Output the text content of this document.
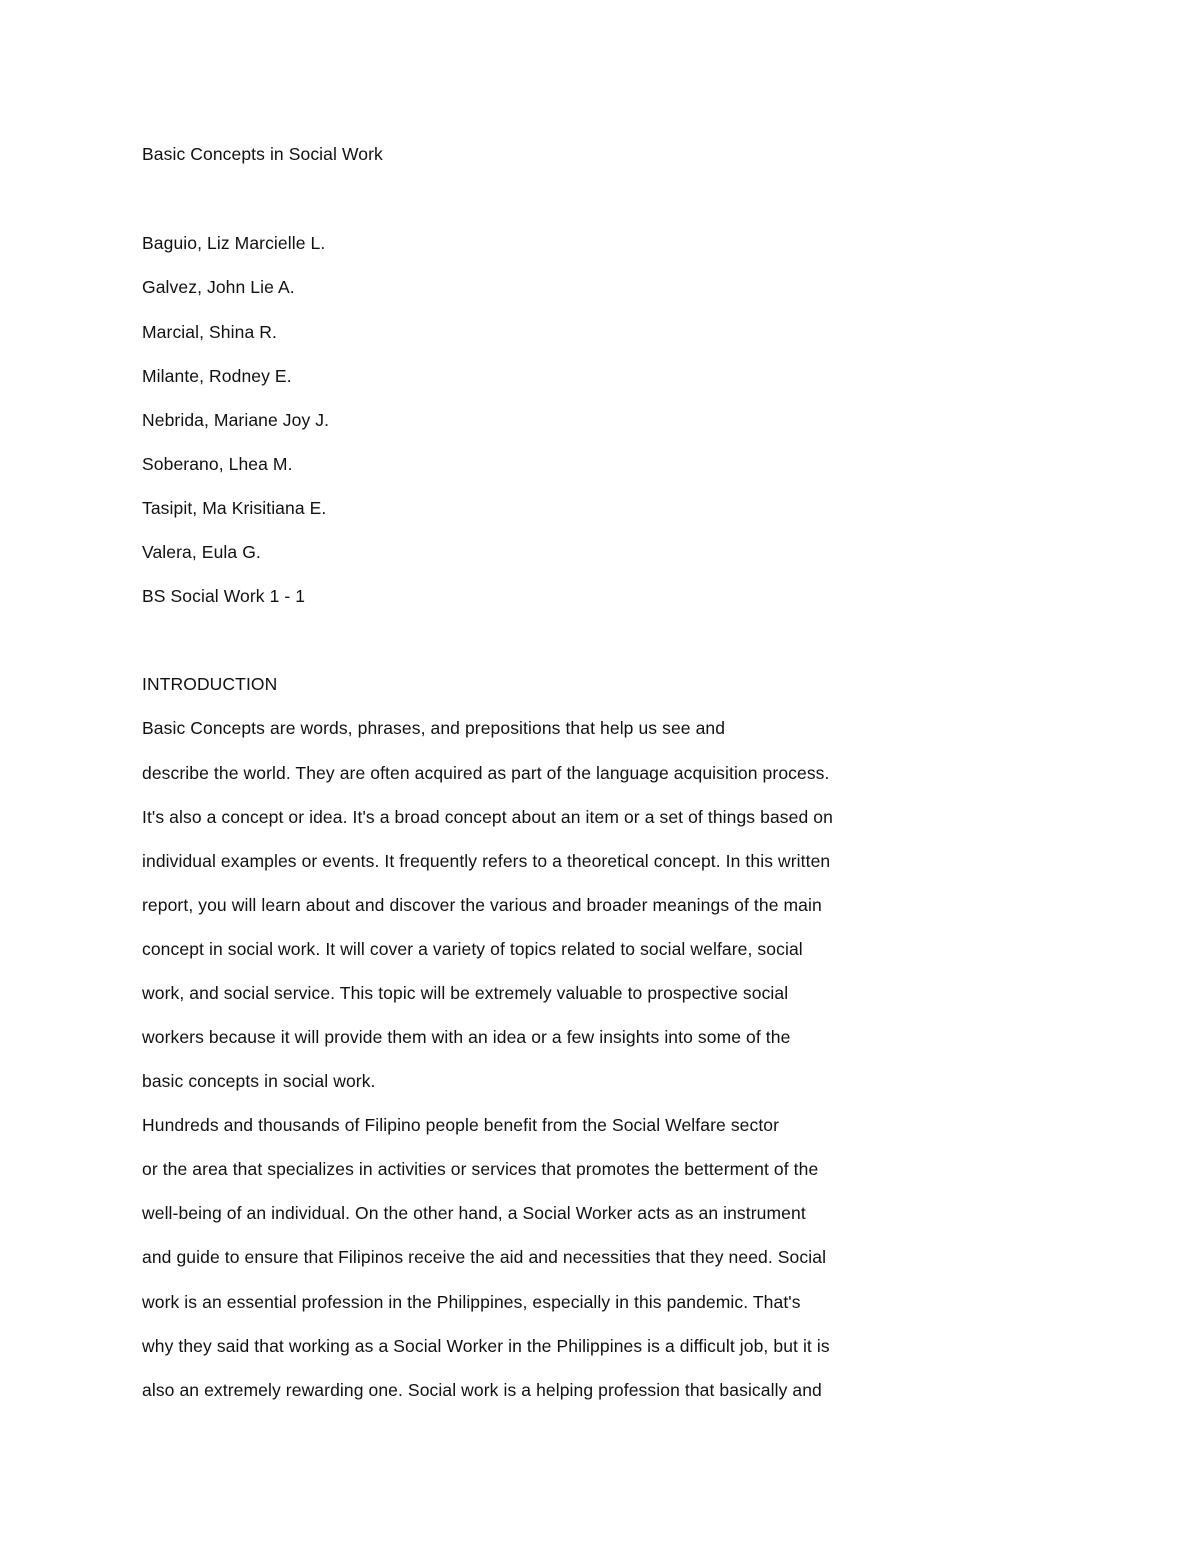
Basic Concepts in Social Work
Baguio, Liz Marcielle L.
Galvez, John Lie A.
Marcial, Shina R.
Milante, Rodney E.
Nebrida, Mariane Joy J.
Soberano, Lhea M.
Tasipit, Ma Krisitiana E.
Valera, Eula G.
BS Social Work 1 - 1
INTRODUCTION
Basic Concepts are words, phrases, and prepositions that help us see and
describe the world. They are often acquired as part of the language acquisition process.
It's also a concept or idea. It's a broad concept about an item or a set of things based on
individual examples or events. It frequently refers to a theoretical concept. In this written
report, you will learn about and discover the various and broader meanings of the main
concept in social work. It will cover a variety of topics related to social welfare, social
work, and social service. This topic will be extremely valuable to prospective social
workers because it will provide them with an idea or a few insights into some of the
basic concepts in social work.
Hundreds and thousands of Filipino people benefit from the Social Welfare sector
or the area that specializes in activities or services that promotes the betterment of the
well-being of an individual. On the other hand, a Social Worker acts as an instrument
and guide to ensure that Filipinos receive the aid and necessities that they need. Social
work is an essential profession in the Philippines, especially in this pandemic. That's
why they said that working as a Social Worker in the Philippines is a difficult job, but it is
also an extremely rewarding one. Social work is a helping profession that basically and
